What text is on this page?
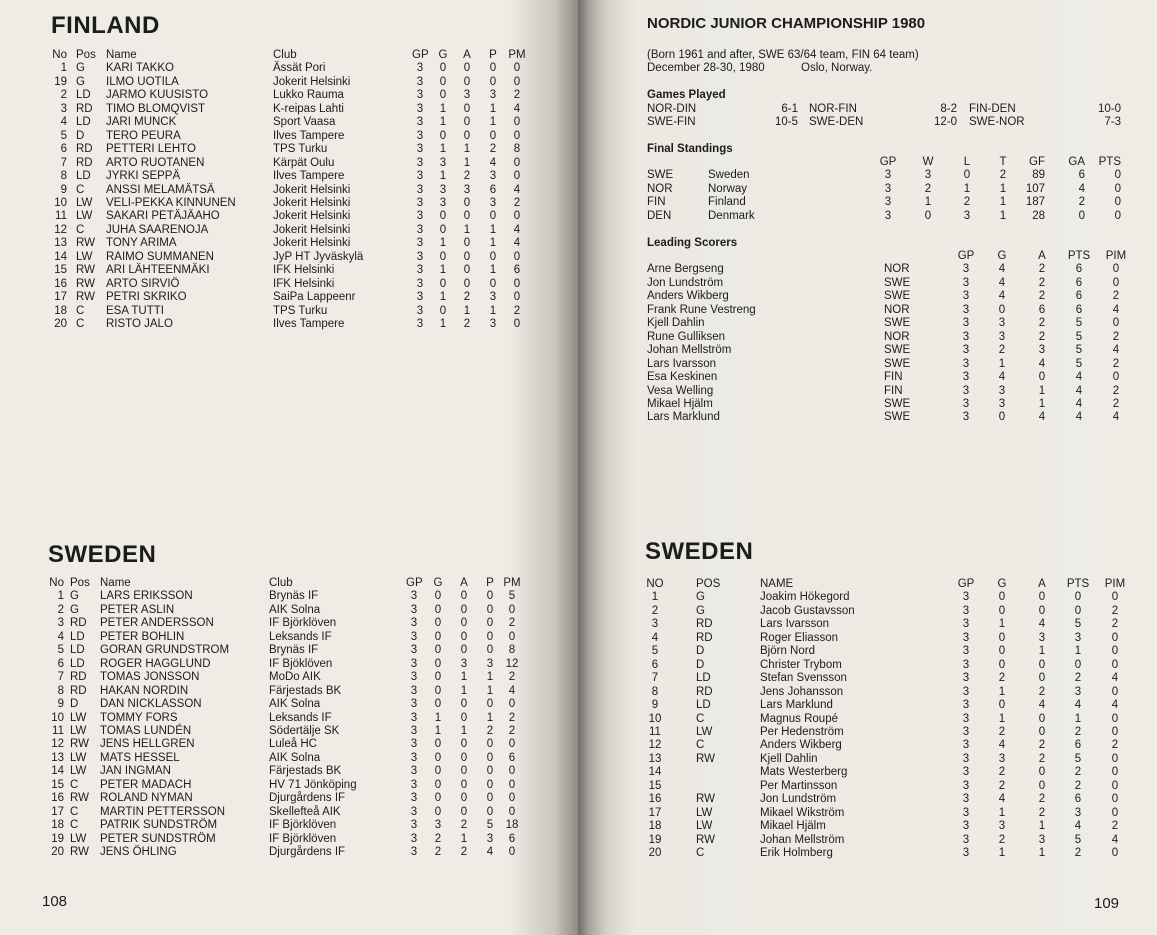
FINLAND
No Pos Name	Club	GP G	A	P	PM
1 G KARI TAKKO	Ässät Pori	3	0	0	0	0
19 G ILMO UOTILA	Jokerit Helsinki	3	0	0	0	0
2 LD JARMO KUUSISTO	Lukko Rauma	3	0	3	3	2
3 RD TIMO BLOMQVIST	K-reipas Lahti	3	1	0	1	4
4 LD JARI MUNCK	Sport Vaasa	3	1	0	1	0
5 D TERO PEURA	Ilves Tampere	3	0	0	0	0
6 RD PETTERI LEHTO	TPS Turku	3	1	1	2	8
7 RD ARTO RUOTANEN	Kärpät Oulu	3	3	1	4	0
8 LD JYRKI SEPPÄ	Ilves Tampere	3	1	2	3	0
9 C ANSSI MELAMÄTSÄ	Jokerit Helsinki	3	3	3	6	4
10 LW VELI-PEKKA KINNUNEN	Jokerit Helsinki	3	3	0	3	2
11 LW SAKARI PETÄJÄAHO	Jokerit Helsinki	3	0	0	0	0
12 C JUHA SAARENOJA	Jokerit Helsinki	3	0	1	1	4
13 RW TONY ARIMA	Jokerit Helsinki	3	1	0	1	4
14 LW RAIMO SUMMANEN	JyP HT Jyväskylä	3	0	0	0	0
15 RW ARI LÄHTEENMÄKI	IFK Helsinki	3	1	0	1	6
16 RW ARTO SIRVIÖ	IFK Helsinki	3	0	0	0	0
17 RW PETRI SKRIKO	SaiPa Lappeenr	3	1	2	3	0
18 C ESA TUTTI	TPS Turku	3	0	1	1	2
20 C RISTO JALO	Ilves Tampere	3	1	2	3	0
SWEDEN
No Pos Name	Club	GP G	A	P PM
1 G LARS ERIKSSON	Brynäs IF	3	0	0	0	5
2 G PETER ASLIN	AIK Solna	3	0	0	0	0
3 RD PETER ANDERSSON	IF Björklöven	3	0	0	0	2
4 LD PETER BOHLIN	Leksands IF	3	0	0	0	0
5 LD GORAN GRUNDSTROM	Brynäs IF	3	0	0	0	8
6 LD ROGER HAGGLUND	IF Bjöklöven	3	0	3	3	12
7 RD TOMAS JONSSON	MoDo AIK	3	0	1	1	2
8 RD HAKAN NORDIN	Färjestads BK	3	0	1	1	4
9 D DAN NICKLASSON	AIK Solna	3	0	0	0	0
10 LW TOMMY FORS	Leksands IF	3	1	0	1	2
11 LW TOMAS LUNDÉN	Södertälje SK	3	1	1	2	2
12 RW JENS HELLGREN	Luleå HC	3	0	0	0	0
13 LW MATS HESSEL	AIK Solna	3	0	0	0	6
14 LW JAN INGMAN	Färjestads BK	3	0	0	0	0
15 C PETER MADACH	HV 71 Jönköping	3	0	0	0	0
16 RW ROLAND NYMAN	Djurgårdens IF	3	0	0	0	0
17 C MARTIN PETTERSSON	Skellefteå AIK	3	0	0	0	0
18 C PATRIK SUNDSTRÖM	IF Björklöven	3	3	2	5	18
19 LW PETER SUNDSTRÖM	IF Björklöven	3	2	1	3	6
20 RW JENS ÖHLING	Djurgårdens IF	3	2	2	4	0
108
NORDIC JUNIOR CHAMPIONSHIP 1980
(Born 1961 and after, SWE 63/64 team, FIN 64 team)
December 28-30, 1980	Oslo, Norway.
Games Played
NOR-DIN	6-1 NOR-FIN	8-2 FIN-DEN	10-0
SWE-FIN	10-5 SWE-DEN	12-0 SWE-NOR	7-3
Final Standings
GP	W	L	T	GF GA PTS
SWE	Sweden	3	3	0	2	89	6	0
NOR	Norway	3	2	1	1	107	4	0
FIN	Finland	3	1	2	1	187	2	0
DEN	Denmark	3	0	3	1	28	0	0
Leading Scorers
GP	G	A	PTS PIM
Arne Bergseng	NOR	3	4	2	6	0
Jon Lundström	SWE	3	4	2	6	0
Anders Wikberg	SWE	3	4	2	6	2
Frank Rune Vestreng	NOR	3	0	6	6	4
Kjell Dahlin	SWE	3	3	2	5	0
Rune Gulliksen	NOR	3	3	2	5	2
Johan Mellström	SWE	3	2	3	5	4
Lars Ivarsson	SWE	3	1	4	5	2
Esa Keskinen	FIN	3	4	0	4	0
Vesa Welling	FIN	3	3	1	4	2
Mikael Hjälm	SWE	3	3	1	4	2
Lars Marklund	SWE	3	0	4	4	4
SWEDEN
NO	POS	NAME	GP	G	A	PTS PIM
1	G	Joakim Hökegord	3	0	0	0	0
2	G	Jacob Gustavsson	3	0	0	0	2
3	RD	Lars Ivarsson	3	1	4	5	2
4	RD	Roger Eliasson	3	0	3	3	0
5	D	Björn Nord	3	0	1	1	0
6	D	Christer Trybom	3	0	0	0	0
7	LD	Stefan Svensson	3	2	0	2	4
8	RD	Jens Johansson	3	1	2	3	0
9	LD	Lars Marklund	3	0	4	4	4
10	C	Magnus Roupé	3	1	0	1	0
11	LW	Per Hedenström	3	2	0	2	0
12	C	Anders Wikberg	3	4	2	6	2
13	RW	Kjell Dahlin	3	3	2	5	0
14	Mats Westerberg	3	2	0	2	0
15	Per Martinsson	3	2	0	2	0
16	RW	Jon Lundström	3	4	2	6	0
17	LW	Mikael Wikström	3	1	2	3	0
18	LW	Mikael Hjälm	3	3	1	4	2
19	RW	Johan Mellström	3	2	3	5	4
20	C	Erik Holmberg	3	1	1	2	0
109
